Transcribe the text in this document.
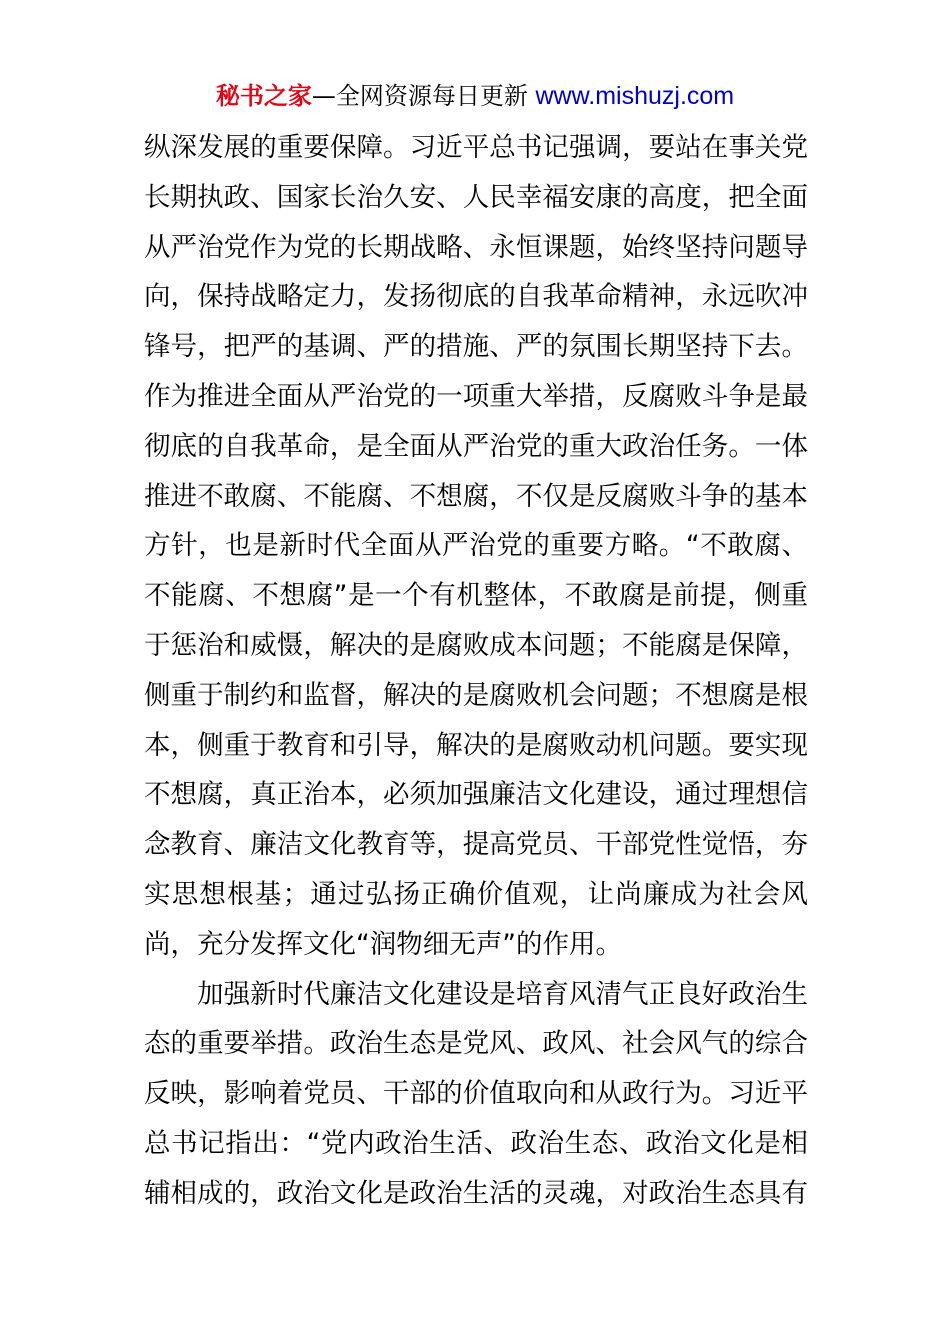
秘书之家—全网资源每日更新 www.mishuzj.com
纵深发展的重要保障。习近平总书记强调，要站在事关党
长期执政、国家长治久安、人民幸福安康的高度，把全面
从严治党作为党的长期战略、永恒课题，始终坚持问题导
向，保持战略定力，发扬彻底的自我革命精神，永远吹冲
锋号，把严的基调、严的措施、严的氛围长期坚持下去。
作为推进全面从严治党的一项重大举措，反腐败斗争是最
彻底的自我革命，是全面从严治党的重大政治任务。一体
推进不敢腐、不能腐、不想腐，不仅是反腐败斗争的基本
方针，也是新时代全面从严治党的重要方略。“不敢腐、
不能腐、不想腐”是一个有机整体，不敢腐是前提，侧重
于惩治和威慑，解决的是腐败成本问题；不能腐是保障，
侧重于制约和监督，解决的是腐败机会问题；不想腐是根
本，侧重于教育和引导，解决的是腐败动机问题。要实现
不想腐，真正治本，必须加强廉洁文化建设，通过理想信
念教育、廉洁文化教育等，提高党员、干部党性觉悟，夯
实思想根基；通过弘扬正确价值观，让尚廉成为社会风
尚，充分发挥文化“润物细无声”的作用。
加强新时代廉洁文化建设是培育风清气正良好政治生
态的重要举措。政治生态是党风、政风、社会风气的综合
反映，影响着党员、干部的价值取向和从政行为。习近平
总书记指出：“党内政治生活、政治生态、政治文化是相
辅相成的，政治文化是政治生活的灵魂，对政治生态具有
